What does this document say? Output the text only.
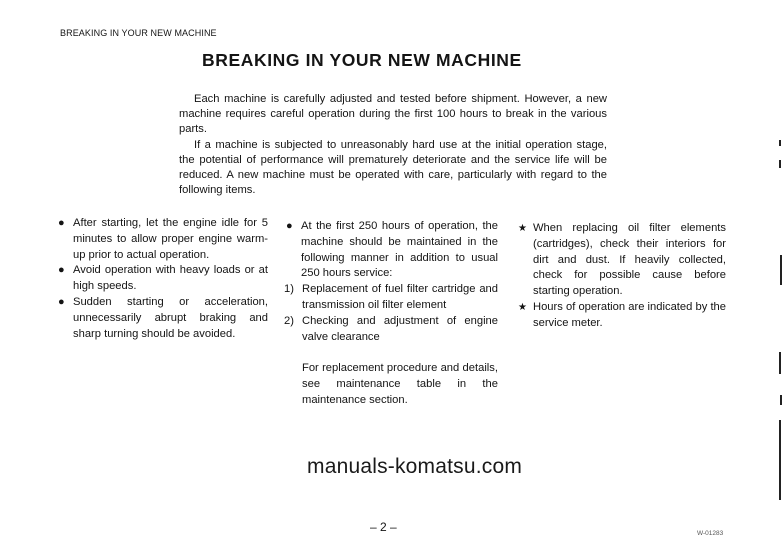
BREAKING IN YOUR NEW MACHINE
BREAKING IN YOUR NEW MACHINE

Each machine is carefully adjusted and tested before shipment. However, a new machine requires careful operation during the first 100 hours to break in the various parts.

If a machine is subjected to unreasonably hard use at the initial operation stage, the potential of performance will prematurely deteriorate and the service life will be reduced. A new machine must be operated with care, particularly with regard to the following items.

● After starting, let the engine idle for 5 minutes to allow proper engine warm-up prior to actual operation.
● Avoid operation with heavy loads or at high speeds.
● Sudden starting or acceleration, unnecessarily abrupt braking and sharp turning should be avoided.
● At the first 250 hours of operation, the machine should be maintained in the following manner in addition to usual 250 hours service:
1) Replacement of fuel filter cartridge and transmission oil filter element
2) Checking and adjustment of engine valve clearance
For replacement procedure and details, see maintenance table in the maintenance section.
★ When replacing oil filter elements (cartridges), check their interiors for dirt and dust. If heavily collected, check for possible cause before starting operation.
★ Hours of operation are indicated by the service meter.
manuals-komatsu.com
– 2 –	W-01283
